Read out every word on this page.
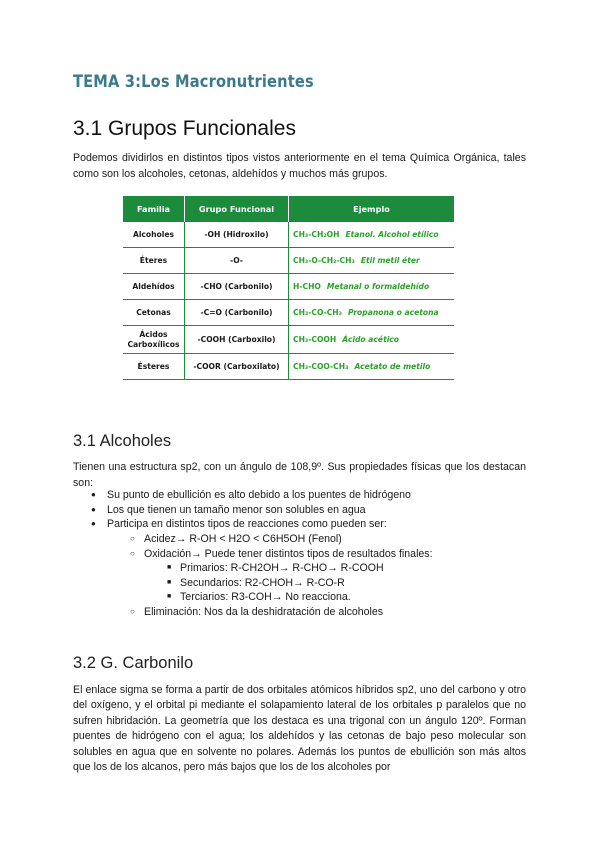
TEMA 3:Los Macronutrientes
3.1 Grupos Funcionales

Podemos dividirlos en distintos tipos vistos anteriormente en el tema Química Orgánica, tales como son los alcoholes, cetonas, aldehídos y muchos más grupos.

Familia	Grupo Funcional	Ejemplo
Alcoholes	-OH (Hidroxilo)	CH₃-CH₂OH Etanol. Alcohol etílico
Éteres	-O-	CH₃-O-CH₂-CH₃ Etil metil éter
Aldehídos	-CHO (Carbonilo)	H-CHO Metanal o formaldehído
Cetonas	-C=O (Carbonilo)	CH₃-CO-CH₃ Propanona o acetona
Ácidos Carboxílicos	-COOH (Carboxilo)	CH₃-COOH Ácido acético
Ésteres	-COOR (Carboxilato)	CH₃-COO-CH₃ Acetato de metilo
3.1 Alcoholes

Tienen una estructura sp2, con un ángulo de 108,9º. Sus propiedades físicas que los destacan son:

● Su punto de ebullición es alto debido a los puentes de hidrógeno
● Los que tienen un tamaño menor son solubles en agua
● Participa en distintos tipos de reacciones como pueden ser:
○ Acidez→ R-OH < H2O < C6H5OH (Fenol)
○ Oxidación→ Puede tener distintos tipos de resultados finales:
■ Primarios: R-CH2OH→ R-CHO→ R-COOH
■ Secundarios: R2-CHOH→ R-CO-R
■ Terciarios: R3-COH→ No reacciona.
○ Eliminación: Nos da la deshidratación de alcoholes
3.2 G. Carbonilo

El enlace sigma se forma a partir de dos orbitales atómicos híbridos sp2, uno del carbono y otro del oxígeno, y el orbital pi mediante el solapamiento lateral de los orbitales p paralelos que no sufren hibridación. La geometría que los destaca es una trigonal con un ángulo 120º. Forman puentes de hidrógeno con el agua; los aldehídos y las cetonas de bajo peso molecular son solubles en agua que en solvente no polares. Además los puntos de ebullición son más altos que los de los alcanos, pero más bajos que los de los alcoholes por
